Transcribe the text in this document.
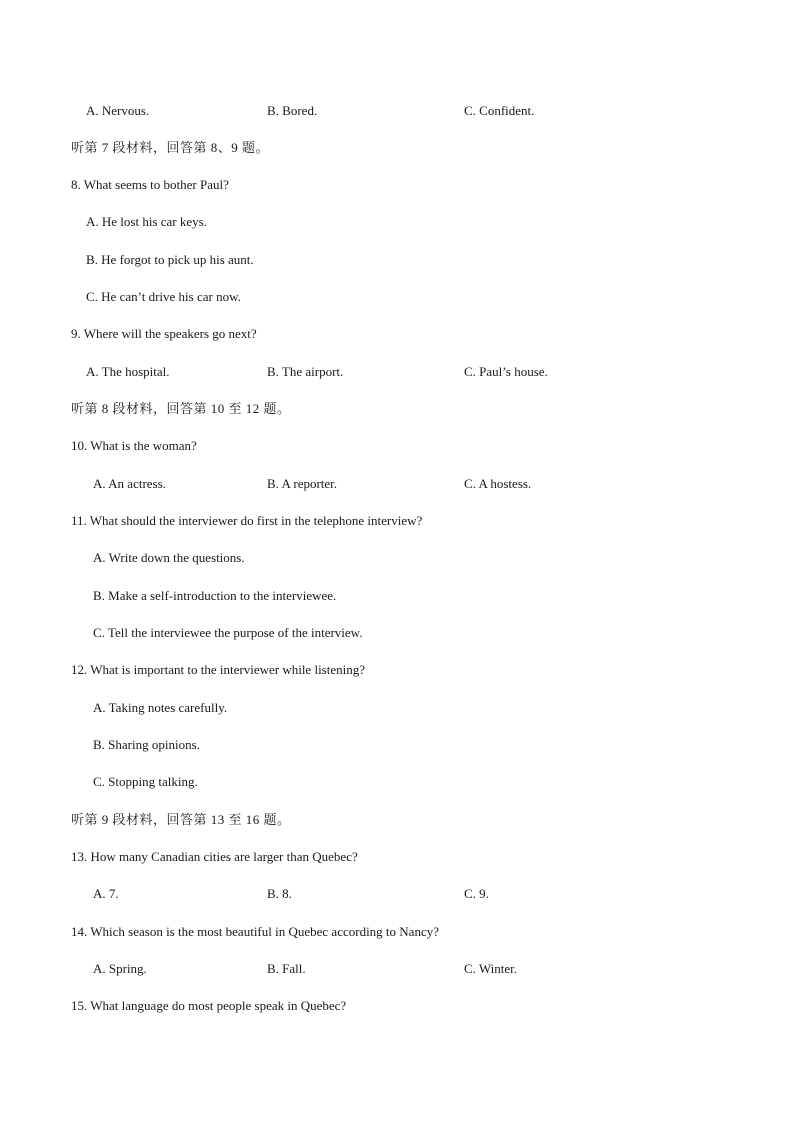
A. Nervous.	B. Bored.	C. Confident.
听第 7 段材料，回答第 8、9 题。
8. What seems to bother Paul?
A. He lost his car keys.
B. He forgot to pick up his aunt.
C. He can’t drive his car now.
9. Where will the speakers go next?
A. The hospital.	B. The airport.	C. Paul’s house.
听第 8 段材料，回答第 10 至 12 题。
10. What is the woman?
A. An actress.	B. A reporter.	C. A hostess.
11. What should the interviewer do first in the telephone interview?
A. Write down the questions.
B. Make a self-introduction to the interviewee.
C. Tell the interviewee the purpose of the interview.
12. What is important to the interviewer while listening?
A. Taking notes carefully.
B. Sharing opinions.
C. Stopping talking.
听第 9 段材料，回答第 13 至 16 题。
13. How many Canadian cities are larger than Quebec?
A. 7.	B. 8.	C. 9.
14. Which season is the most beautiful in Quebec according to Nancy?
A. Spring.	B. Fall.	C. Winter.
15. What language do most people speak in Quebec?
